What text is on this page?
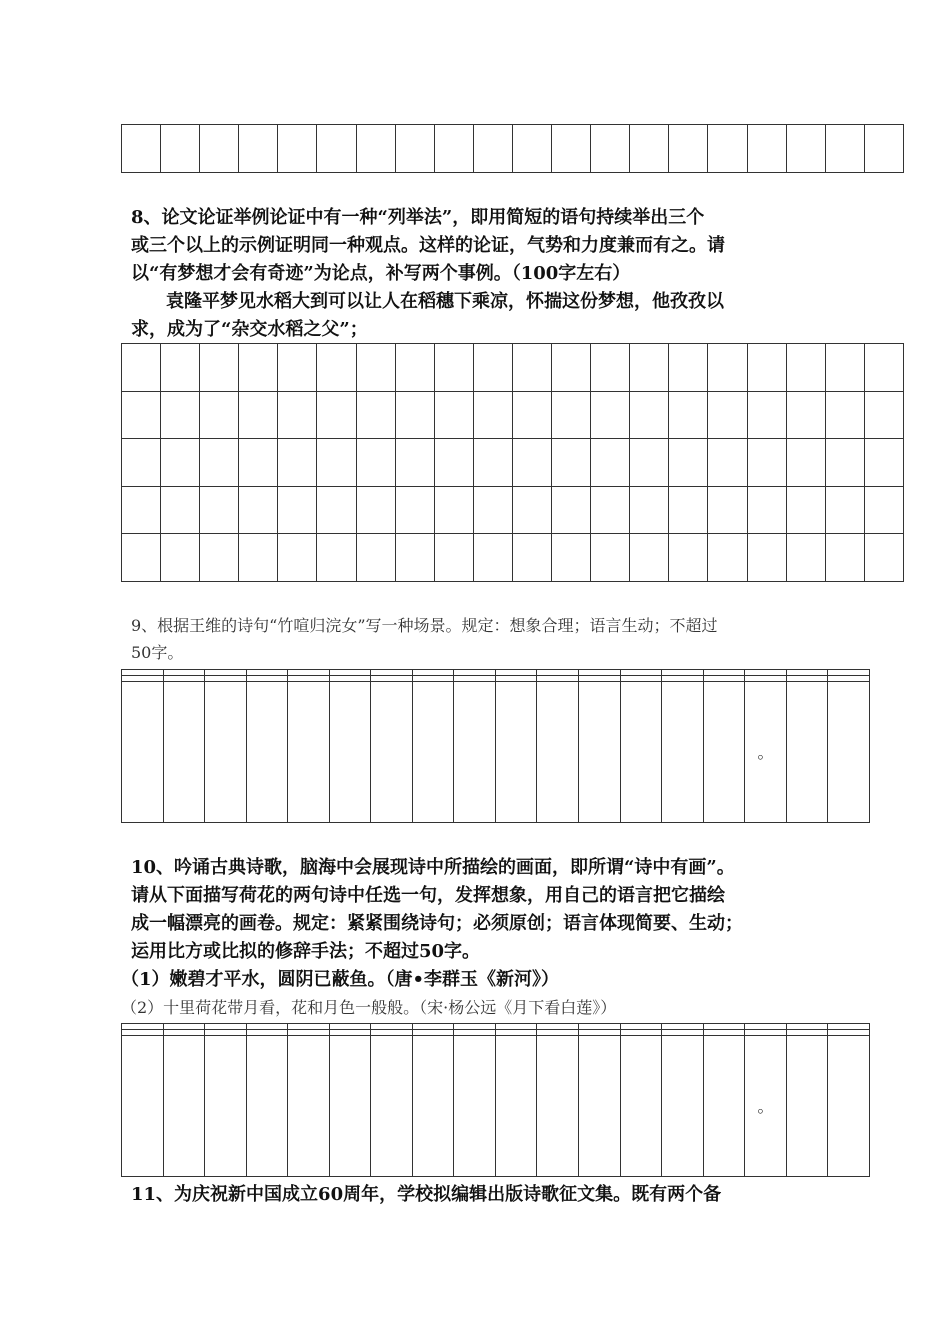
8、论文论证举例论证中有一种“列举法”，即用简短的语句持续举出三个

或三个以上的示例证明同一种观点。这样的论证，气势和力度兼而有之。请

以“有梦想才会有奇迹”为论点，补写两个事例。（100字左右）

袁隆平梦见水稻大到可以让人在稻穗下乘凉，怀揣这份梦想，他孜孜以

求，成为了“杂交水稻之父”；

9、根据王维的诗句“竹喧归浣女”写一种场景。规定：想象合理；语言生动；不超过

50字。

															。		

10、吟诵古典诗歌，脑海中会展现诗中所描绘的画面，即所谓“诗中有画”。

请从下面描写荷花的两句诗中任选一句，发挥想象，用自己的语言把它描绘

成一幅漂亮的画卷。规定：紧紧围绕诗句；必须原创；语言体现简要、生动；

运用比方或比拟的修辞手法；不超过50字。

（1）嫩碧才平水，圆阴已蔽鱼。（唐•李群玉《新河》）

（2）十里荷花带月看，花和月色一般般。（宋·杨公远《月下看白莲》）

															。		

11、为庆祝新中国成立60周年，学校拟编辑出版诗歌征文集。既有两个备
